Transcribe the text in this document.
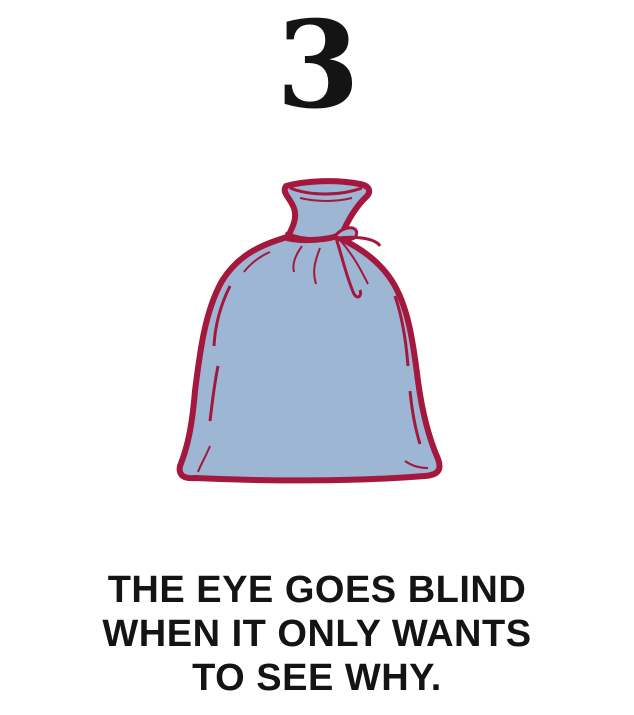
3
THE EYE GOES BLIND
WHEN IT ONLY WANTS
TO SEE WHY.
